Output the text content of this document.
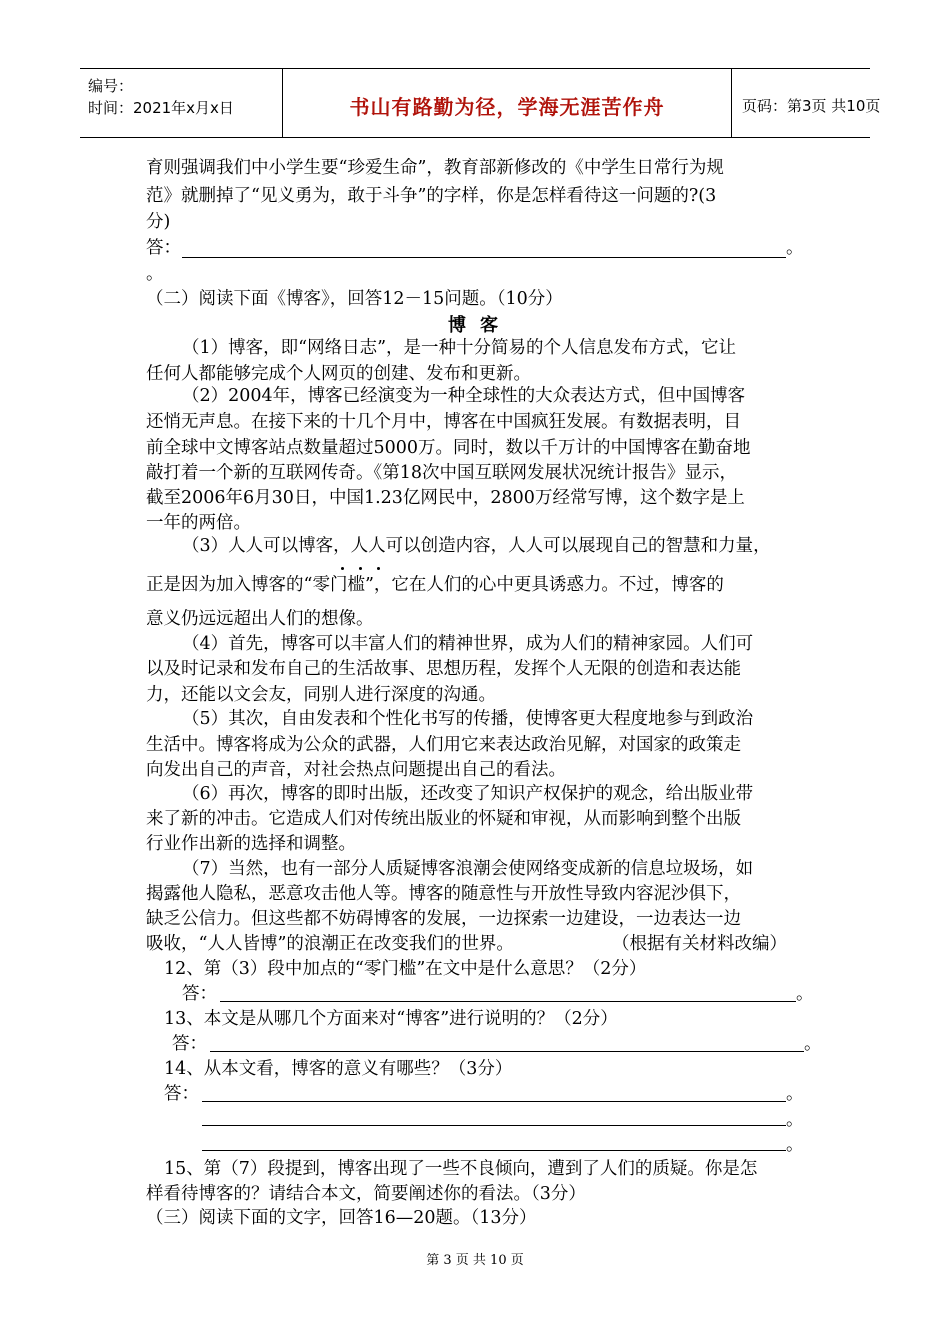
编号：
时间：2021年x月x日	书山有路勤为径，学海无涯苦作舟	页码：第3页 共10页
育则强调我们中小学生要“珍爱生命”，教育部新修改的《中学生日常行为规
范》就删掉了“见义勇为，敢于斗争”的字样，你是怎样看待这一问题的?(3
分)
答：	。
。
（二）阅读下面《博客》，回答12－15问题。（10分）
博客
（1）博客，即“网络日志”，是一种十分简易的个人信息发布方式，它让
任何人都能够完成个人网页的创建、发布和更新。
（2）2004年，博客已经演变为一种全球性的大众表达方式，但中国博客
还悄无声息。在接下来的十几个月中，博客在中国疯狂发展。有数据表明，目
前全球中文博客站点数量超过5000万。同时，数以千万计的中国博客在勤奋地
敲打着一个新的互联网传奇。《第18次中国互联网发展状况统计报告》显示，
截至2006年6月30日，中国1.23亿网民中，2800万经常写博，这个数字是上
一年的两倍。
（3）人人可以博客，人人可以创造内容，人人可以展现自己的智慧和力量，
正是因为加入博客的“零门槛”，它在人们的心中更具诱惑力。不过，博客的
意义仍远远超出人们的想像。
（4）首先，博客可以丰富人们的精神世界，成为人们的精神家园。人们可
以及时记录和发布自己的生活故事、思想历程，发挥个人无限的创造和表达能
力，还能以文会友，同别人进行深度的沟通。
（5）其次，自由发表和个性化书写的传播，使博客更大程度地参与到政治
生活中。博客将成为公众的武器，人们用它来表达政治见解，对国家的政策走
向发出自己的声音，对社会热点问题提出自己的看法。
（6）再次，博客的即时出版，还改变了知识产权保护的观念，给出版业带
来了新的冲击。它造成人们对传统出版业的怀疑和审视，从而影响到整个出版
行业作出新的选择和调整。
（7）当然，也有一部分人质疑博客浪潮会使网络变成新的信息垃圾场，如
揭露他人隐私，恶意攻击他人等。博客的随意性与开放性导致内容泥沙俱下，
缺乏公信力。但这些都不妨碍博客的发展，一边探索一边建设，一边表达一边
吸收，“人人皆博”的浪潮正在改变我们的世界。	（根据有关材料改编）
12、第（3）段中加点的“零门槛”在文中是什么意思？（2分）
答：	。
13、本文是从哪几个方面来对“博客”进行说明的？（2分）
答：	。
14、从本文看，博客的意义有哪些？（3分）
答：	。
。
。
15、第（7）段提到，博客出现了一些不良倾向，遭到了人们的质疑。你是怎
样看待博客的？请结合本文，简要阐述你的看法。（3分）
（三）阅读下面的文字，回答16—20题。（13分）
第 3 页 共 10 页
